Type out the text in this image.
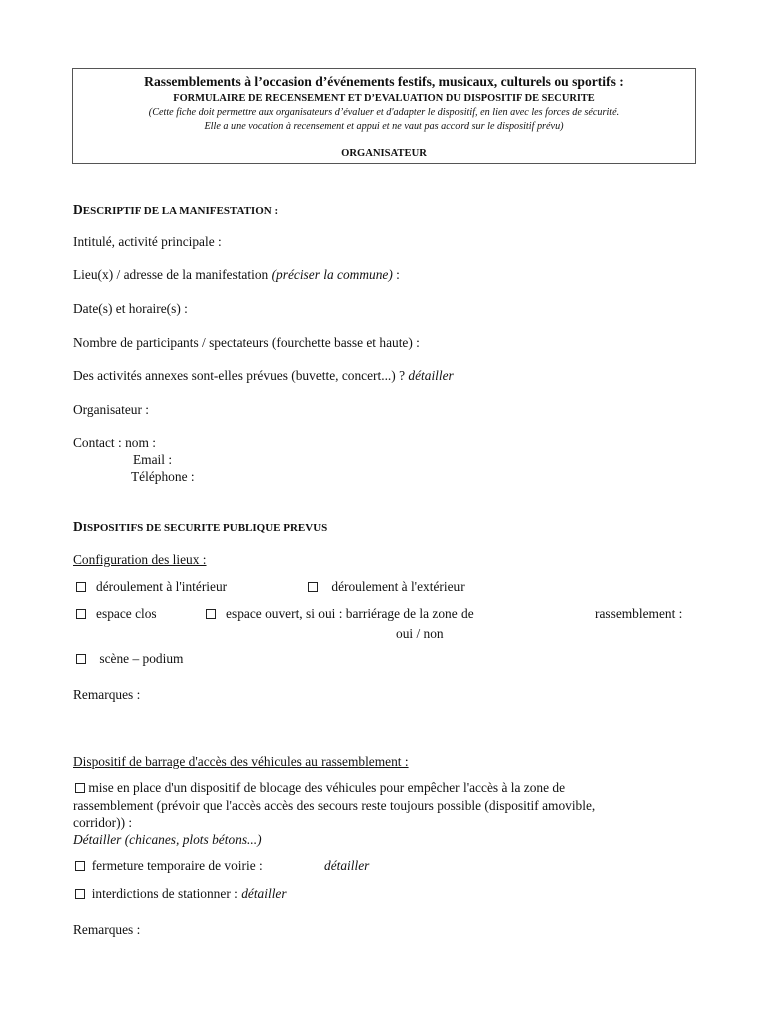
Rassemblements à l’occasion d’événements festifs, musicaux, culturels ou sportifs :
FORMULAIRE DE RECENSEMENT ET D’EVALUATION DU DISPOSITIF DE SECURITE
(Cette fiche doit permettre aux organisateurs d’évaluer et d'adapter le dispositif, en lien avec les forces de sécurité.
Elle a une vocation à recensement et appui et ne vaut pas accord sur le dispositif prévu)
ORGANISATEUR
DESCRIPTIF DE LA MANIFESTATION :
Intitulé, activité principale :
Lieu(x) / adresse de la manifestation (préciser la commune) :
Date(s) et horaire(s) :
Nombre de participants / spectateurs (fourchette basse et haute) :
Des activités annexes sont-elles prévues (buvette, concert...) ? détailler
Organisateur :
Contact : nom :
Email :
Téléphone :
DISPOSITIFS DE SECURITE PUBLIQUE PREVUS
Configuration des lieux :
déroulement à l'intérieur	déroulement à l'extérieur
espace clos	espace ouvert, si oui : barriérage de la zone de	rassemblement :
oui / non
scène – podium
Remarques :
Dispositif de barrage d'accès des véhicules au rassemblement :
mise en place d'un dispositif de blocage des véhicules pour empêcher l'accès à la zone de
rassemblement (prévoir que l'accès accès des secours reste toujours possible (dispositif amovible,
corridor)) :
Détailler (chicanes, plots bétons...)
fermeture temporaire de voirie :	détailler
interdictions de stationner : détailler
Remarques :
